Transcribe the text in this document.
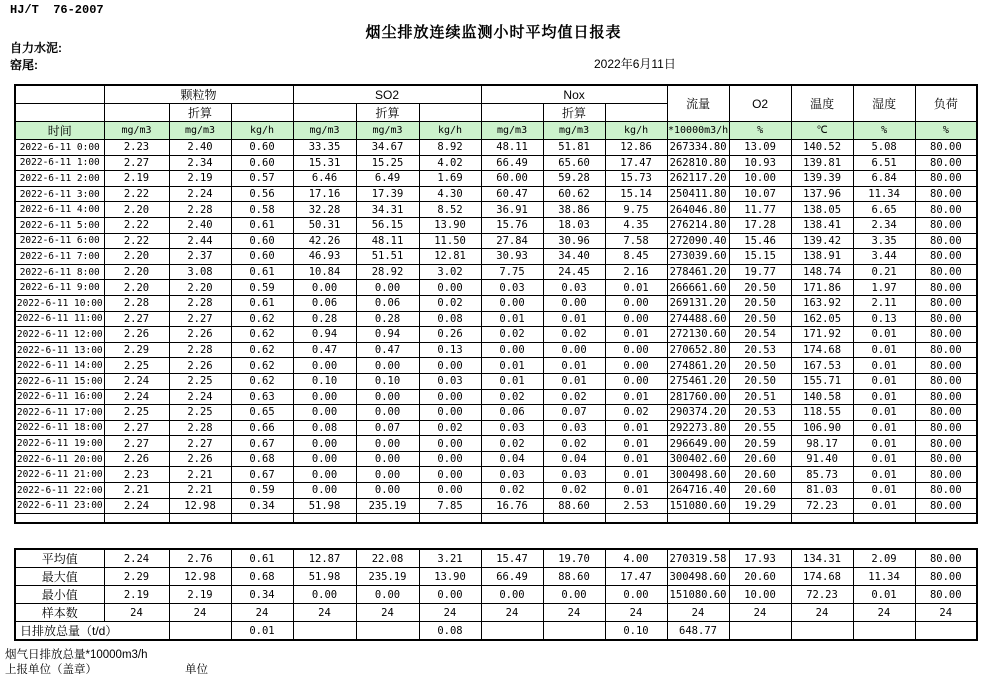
HJ/T  76-2007
烟尘排放连续监测小时平均值日报表
自力水泥:
窑尾:	2022年6月11日
	颗粒物			SO2			Nox			流量	O2	温度	湿度	负荷
		折算			折算			折算						
时间	mg/m3	mg/m3	kg/h	mg/m3	mg/m3	kg/h	mg/m3	mg/m3	kg/h	*10000m3/h	%	℃	%	%
2022-6-11 0:00	2.23	2.40	0.60	33.35	34.67	8.92	48.11	51.81	12.86	267334.80	13.09	140.52	5.08	80.00
2022-6-11 1:00	2.27	2.34	0.60	15.31	15.25	4.02	66.49	65.60	17.47	262810.80	10.93	139.81	6.51	80.00
2022-6-11 2:00	2.19	2.19	0.57	6.46	6.49	1.69	60.00	59.28	15.73	262117.20	10.00	139.39	6.84	80.00
2022-6-11 3:00	2.22	2.24	0.56	17.16	17.39	4.30	60.47	60.62	15.14	250411.80	10.07	137.96	11.34	80.00
2022-6-11 4:00	2.20	2.28	0.58	32.28	34.31	8.52	36.91	38.86	9.75	264046.80	11.77	138.05	6.65	80.00
2022-6-11 5:00	2.22	2.40	0.61	50.31	56.15	13.90	15.76	18.03	4.35	276214.80	17.28	138.41	2.34	80.00
2022-6-11 6:00	2.22	2.44	0.60	42.26	48.11	11.50	27.84	30.96	7.58	272090.40	15.46	139.42	3.35	80.00
2022-6-11 7:00	2.20	2.37	0.60	46.93	51.51	12.81	30.93	34.40	8.45	273039.60	15.15	138.91	3.44	80.00
2022-6-11 8:00	2.20	3.08	0.61	10.84	28.92	3.02	7.75	24.45	2.16	278461.20	19.77	148.74	0.21	80.00
2022-6-11 9:00	2.20	2.20	0.59	0.00	0.00	0.00	0.03	0.03	0.01	266661.60	20.50	171.86	1.97	80.00
2022-6-11 10:00	2.28	2.28	0.61	0.06	0.06	0.02	0.00	0.00	0.00	269131.20	20.50	163.92	2.11	80.00
2022-6-11 11:00	2.27	2.27	0.62	0.28	0.28	0.08	0.01	0.01	0.00	274488.60	20.50	162.05	0.13	80.00
2022-6-11 12:00	2.26	2.26	0.62	0.94	0.94	0.26	0.02	0.02	0.01	272130.60	20.54	171.92	0.01	80.00
2022-6-11 13:00	2.29	2.28	0.62	0.47	0.47	0.13	0.00	0.00	0.00	270652.80	20.53	174.68	0.01	80.00
2022-6-11 14:00	2.25	2.26	0.62	0.00	0.00	0.00	0.01	0.01	0.00	274861.20	20.50	167.53	0.01	80.00
2022-6-11 15:00	2.24	2.25	0.62	0.10	0.10	0.03	0.01	0.01	0.00	275461.20	20.50	155.71	0.01	80.00
2022-6-11 16:00	2.24	2.24	0.63	0.00	0.00	0.00	0.02	0.02	0.01	281760.00	20.51	140.58	0.01	80.00
2022-6-11 17:00	2.25	2.25	0.65	0.00	0.00	0.00	0.06	0.07	0.02	290374.20	20.53	118.55	0.01	80.00
2022-6-11 18:00	2.27	2.28	0.66	0.08	0.07	0.02	0.03	0.03	0.01	292273.80	20.55	106.90	0.01	80.00
2022-6-11 19:00	2.27	2.27	0.67	0.00	0.00	0.00	0.02	0.02	0.01	296649.00	20.59	98.17	0.01	80.00
2022-6-11 20:00	2.26	2.26	0.68	0.00	0.00	0.00	0.04	0.04	0.01	300402.60	20.60	91.40	0.01	80.00
2022-6-11 21:00	2.23	2.21	0.67	0.00	0.00	0.00	0.03	0.03	0.01	300498.60	20.60	85.73	0.01	80.00
2022-6-11 22:00	2.21	2.21	0.59	0.00	0.00	0.00	0.02	0.02	0.01	264716.40	20.60	81.03	0.01	80.00
2022-6-11 23:00	2.24	12.98	0.34	51.98	235.19	7.85	16.76	88.60	2.53	151080.60	19.29	72.23	0.01	80.00

平均值	2.24	2.76	0.61	12.87	22.08	3.21	15.47	19.70	4.00	270319.58	17.93	134.31	2.09	80.00
最大值	2.29	12.98	0.68	51.98	235.19	13.90	66.49	88.60	17.47	300498.60	20.60	174.68	11.34	80.00
最小值	2.19	2.19	0.34	0.00	0.00	0.00	0.00	0.00	0.00	151080.60	10.00	72.23	0.01	80.00
样本数	24	24	24	24	24	24	24	24	24	24	24	24	24	24
日排放总量（t/d）			0.01			0.08			0.10	648.77				
烟气日排放总量*10000m3/h
上报单位（盖章）	单位
